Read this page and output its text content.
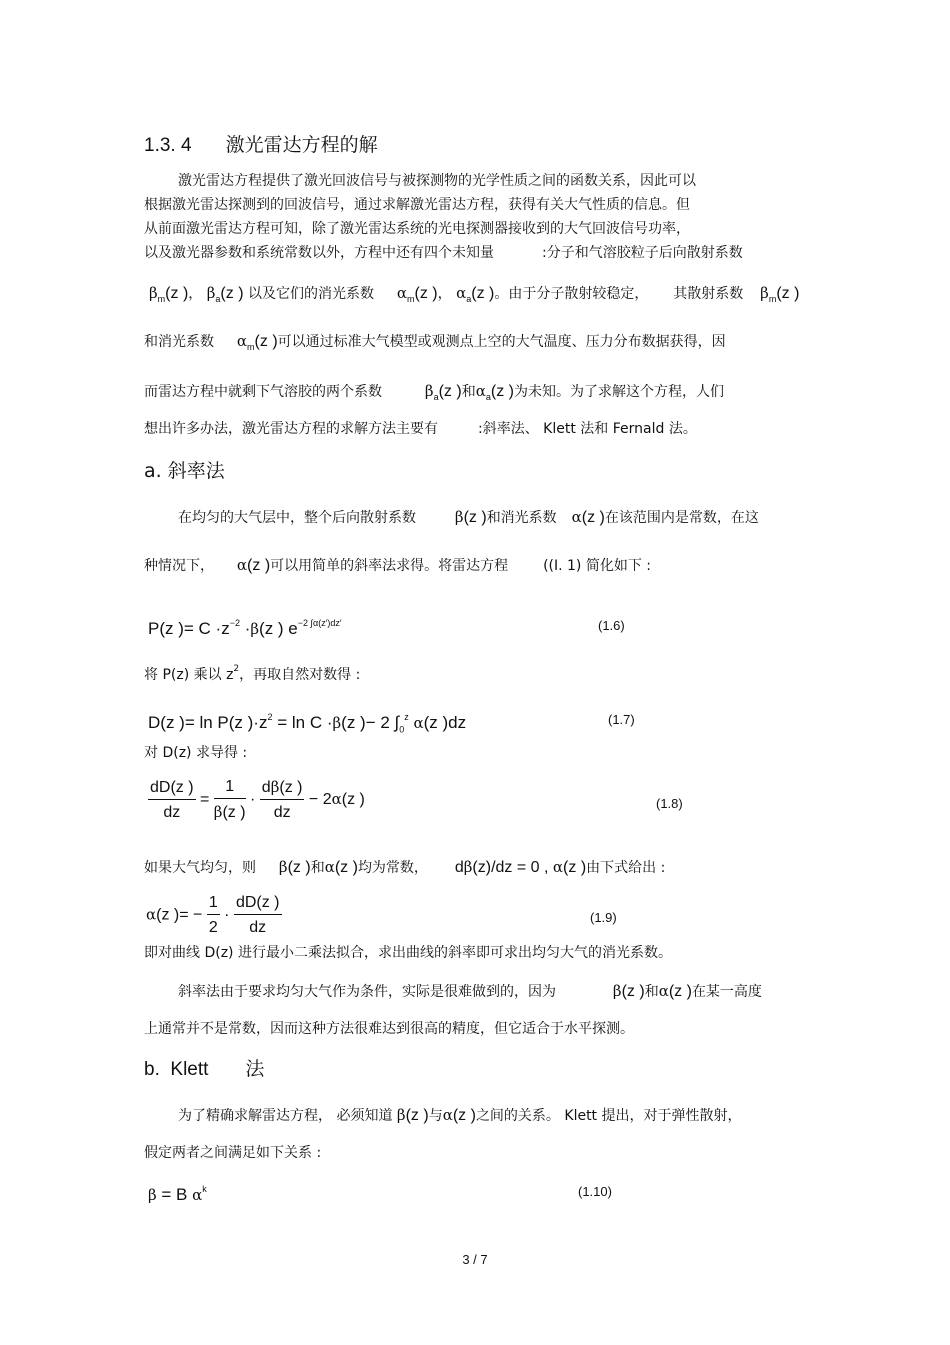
1.3. 4 激光雷达方程的解
激光雷达方程提供了激光回波信号与被探测物的光学性质之间的函数关系，因此可以
根据激光雷达探测到的回波信号，通过求解激光雷达方程，获得有关大气性质的信息。但
从前面激光雷达方程可知，除了激光雷达系统的光电探测器接收到的大气回波信号功率，
以及激光器参数和系统常数以外，方程中还有四个未知量	:分子和气溶胶粒子后向散射系数
$\beta_m(z$ )， $\beta_a(z$ ) 以及它们的消光系数 $\alpha_m(z$ )， $\alpha_a(z$ )。由于分子散射较稳定， 其散射系数 $\beta_m(z$ )
和消光系数 $\alpha_m(z$ )可以通过标准大气模型或观测点上空的大气温度、压力分布数据获得，因
而雷达方程中就剩下气溶胶的两个系数	$\beta_a(z$ )和$\alpha_a(z$ )为未知。为了求解这个方程，人们
想出许多办法，激光雷达方程的求解方法主要有	:斜率法、 Klett 法和 Fernald 法。
a. 斜率法
在均匀的大气层中，整个后向散射系数	β(z )和消光系数 α(z )在该范围内是常数，在这
种情况下， α(z )可以用简单的斜率法求得。将雷达方程 ((I. 1) 简化如下 :
P(z )= $C \cdot z^{-2} \cdot\beta(z$ ) $e^{-2 \int\alpha(z')dz'}$	(1.6)
将 P(z) 乘以 $z^2$，再取自然对数得 :
D(z )= ln P(z )$\cdot z^2 = \ln C \cdot\beta(z$ )− 2 $\int_0^z$ α(z )dz	(1.7)
对 D(z) 求导得 :
$\frac{dD(z )}{dz} = \frac{1}{\beta(z )} \cdot \frac{d\beta(z )}{dz} - 2\alpha(z$ )	(1.8)
如果大气均匀，则 β(z )和α(z )均为常数， dβ(z)/dz = 0 , α(z )由下式给出 :
α(z )= − $\frac{1}{2} \cdot \frac{dD(z )}{dz}$	(1.9)
即对曲线 D(z) 进行最小二乘法拟合，求出曲线的斜率即可求出均匀大气的消光系数。
斜率法由于要求均匀大气作为条件，实际是很难做到的，因为	β(z )和α(z )在某一高度
上通常并不是常数，因而这种方法很难达到很高的精度，但它适合于水平探测。
b.  Klett       法
为了精确求解雷达方程， 必须知道 β(z )与α(z )之间的关系。 Klett 提出，对于弹性散射，
假定两者之间满足如下关系 :
β = B $\alpha^k$	(1.10)
3 / 7
